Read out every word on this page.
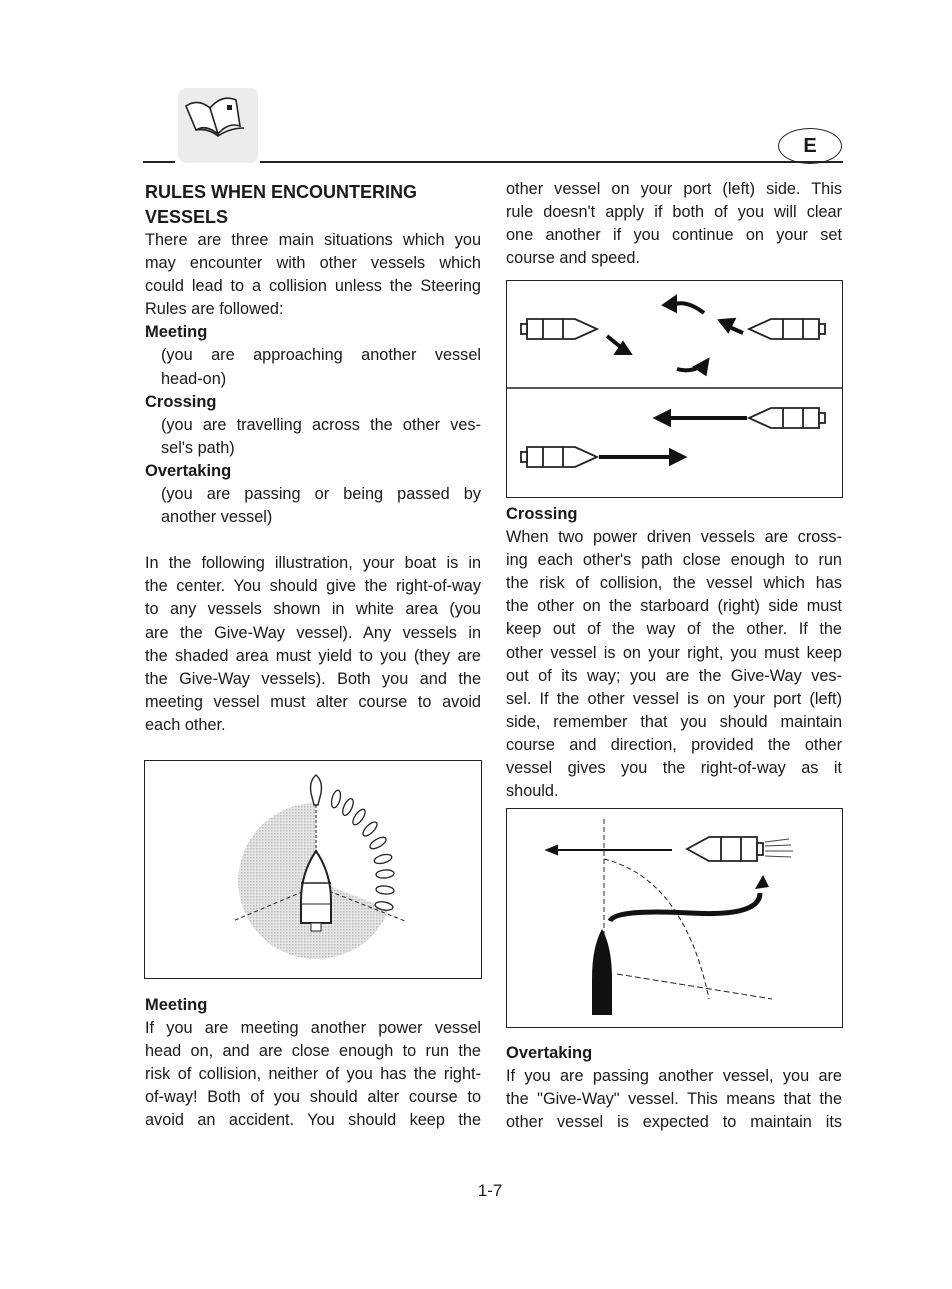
E
RULES WHEN ENCOUNTERING
VESSELS
There are three main situations which you
may encounter with other vessels which
could lead to a collision unless the Steering
Rules are followed:
Meeting
(you are approaching another vessel
head-on)
Crossing
(you are travelling across the other ves-
sel's path)
Overtaking
(you are passing or being passed by
another vessel)
In the following illustration, your boat is in
the center. You should give the right-of-way
to any vessels shown in white area (you
are the Give-Way vessel). Any vessels in
the shaded area must yield to you (they are
the Give-Way vessels). Both you and the
meeting vessel must alter course to avoid
each other.
Meeting
If you are meeting another power vessel
head on, and are close enough to run the
risk of collision, neither of you has the right-
of-way! Both of you should alter course to
avoid an accident. You should keep the
other vessel on your port (left) side. This
rule doesn't apply if both of you will clear
one another if you continue on your set
course and speed.
Crossing
When two power driven vessels are cross-
ing each other's path close enough to run
the risk of collision, the vessel which has
the other on the starboard (right) side must
keep out of the way of the other. If the
other vessel is on your right, you must keep
out of its way; you are the Give-Way ves-
sel. If the other vessel is on your port (left)
side, remember that you should maintain
course and direction, provided the other
vessel gives you the right-of-way as it
should.
Overtaking
If you are passing another vessel, you are
the "Give-Way" vessel. This means that the
other vessel is expected to maintain its
1-7
